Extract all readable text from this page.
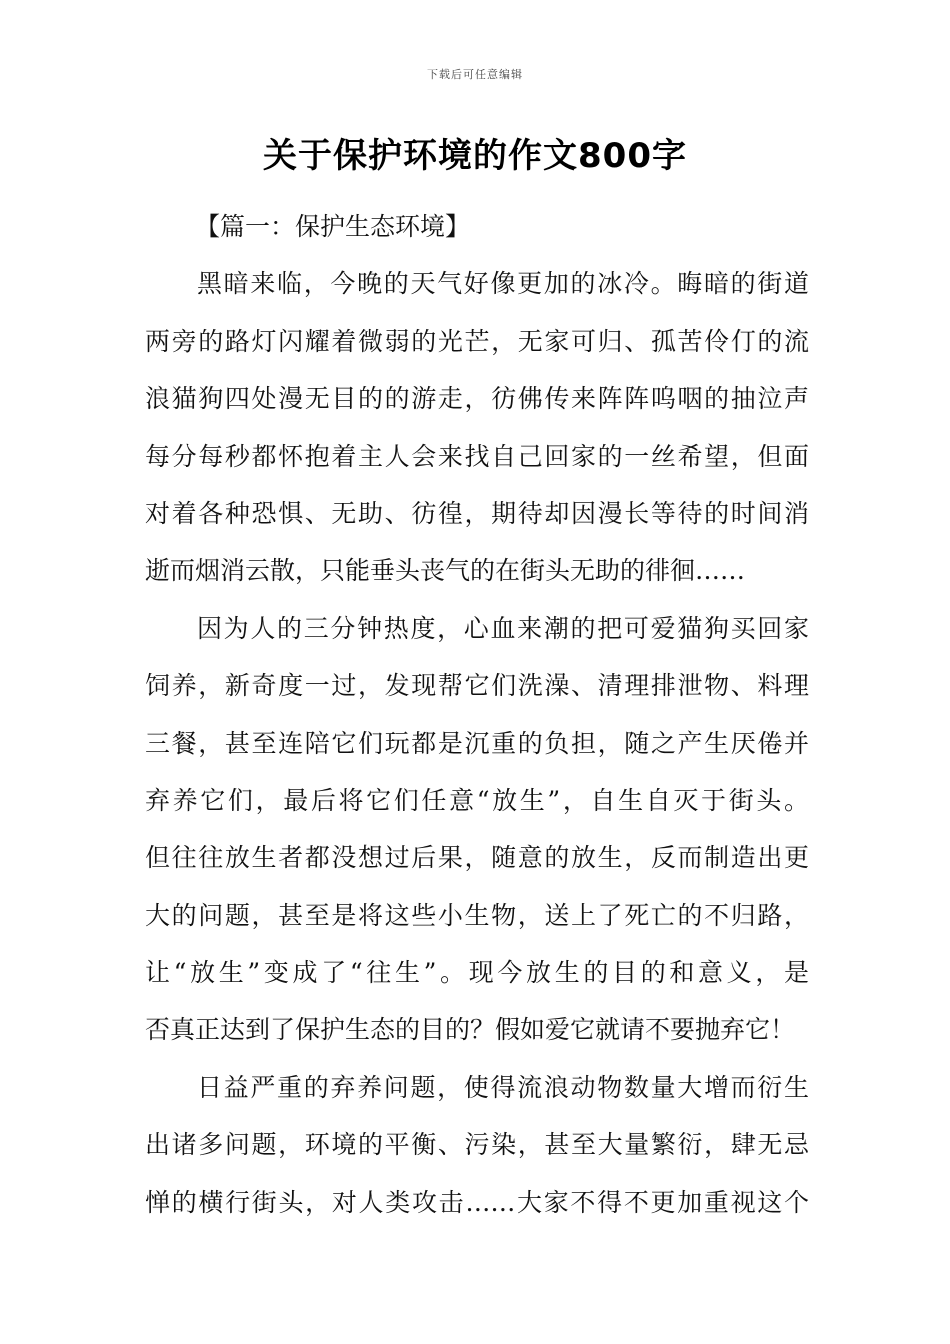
下载后可任意编辑
关于保护环境的作文800字
【篇一：保护生态环境】
黑暗来临，今晚的天气好像更加的冰冷。晦暗的街道
两旁的路灯闪耀着微弱的光芒，无家可归、孤苦伶仃的流
浪猫狗四处漫无目的的游走，彷佛传来阵阵呜咽的抽泣声
每分每秒都怀抱着主人会来找自己回家的一丝希望，但面
对着各种恐惧、无助、彷徨，期待却因漫长等待的时间消
逝而烟消云散，只能垂头丧气的在街头无助的徘徊……
因为人的三分钟热度，心血来潮的把可爱猫狗买回家
饲养，新奇度一过，发现帮它们洗澡、清理排泄物、料理
三餐，甚至连陪它们玩都是沉重的负担，随之产生厌倦并
弃养它们，最后将它们任意“放生”，自生自灭于街头。
但往往放生者都没想过后果，随意的放生，反而制造出更
大的问题，甚至是将这些小生物，送上了死亡的不归路，
让“放生”变成了“往生”。现今放生的目的和意义，是
否真正达到了保护生态的目的？假如爱它就请不要抛弃它！
日益严重的弃养问题，使得流浪动物数量大增而衍生
出诸多问题，环境的平衡、污染，甚至大量繁衍，肆无忌
惮的横行街头，对人类攻击……大家不得不更加重视这个
